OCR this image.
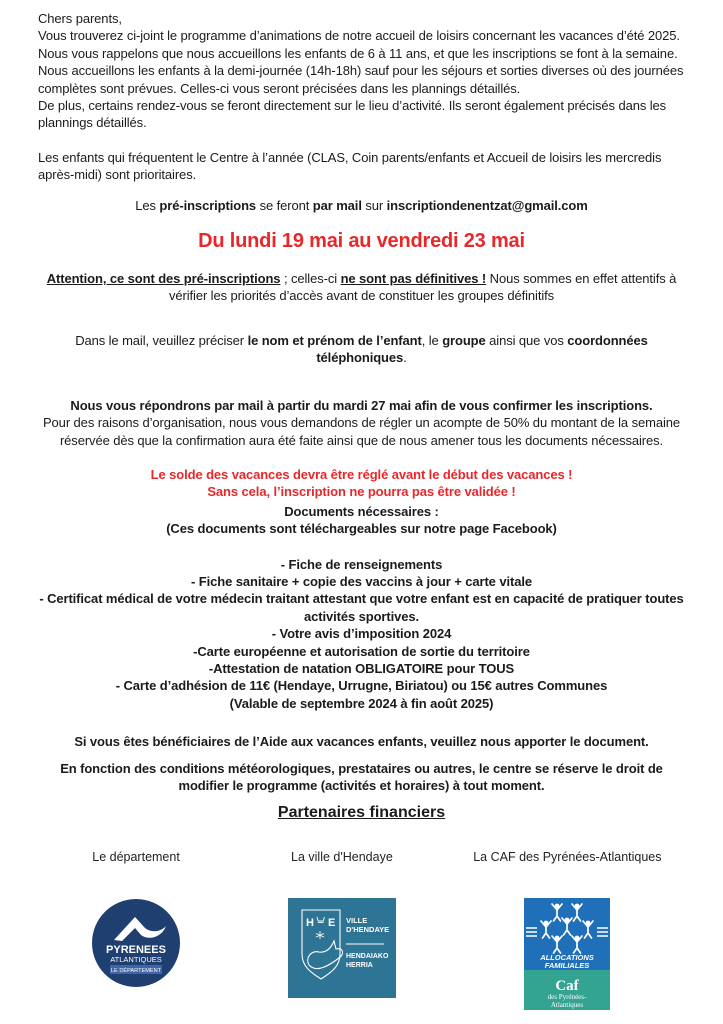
Chers parents,

Vous trouverez ci-joint le programme d’animations de notre accueil de loisirs concernant les vacances d’été 2025.

Nous vous rappelons que nous accueillons les enfants de 6 à 11 ans, et que les inscriptions se font à la semaine.

Nous accueillons les enfants à la demi-journée (14h-18h) sauf pour les séjours et sorties diverses où des journées complètes sont prévues. Celles-ci vous seront précisées dans les plannings détaillés.

De plus, certains rendez-vous se feront directement sur le lieu d’activité. Ils seront également précisés dans les plannings détaillés.

Les enfants qui fréquentent le Centre à l’année (CLAS, Coin parents/enfants et Accueil de loisirs les mercredis après-midi) sont prioritaires.

Les pré-inscriptions se feront par mail sur inscriptiondenentzat@gmail.com

Du lundi 19 mai au vendredi 23 mai

Attention, ce sont des pré-inscriptions ; celles-ci ne sont pas définitives ! Nous sommes en effet attentifs à vérifier les priorités d’accès avant de constituer les groupes définitifs

Dans le mail, veuillez préciser le nom et prénom de l’enfant, le groupe ainsi que vos coordonnées téléphoniques.

Nous vous répondrons par mail à partir du mardi 27 mai afin de vous confirmer les inscriptions.

Pour des raisons d’organisation, nous vous demandons de régler un acompte de 50% du montant de la semaine réservée dès que la confirmation aura été faite ainsi que de nous amener tous les documents nécessaires.

Le solde des vacances devra être réglé avant le début des vacances !

Sans cela, l’inscription ne pourra pas être validée !

Documents nécessaires :

(Ces documents sont téléchargeables sur notre page Facebook)

- Fiche de renseignements

- Fiche sanitaire + copie des vaccins à jour + carte vitale

- Certificat médical de votre médecin traitant attestant que votre enfant est en capacité de pratiquer toutes activités sportives.

- Votre avis d’imposition 2024

-Carte européenne et autorisation de sortie du territoire

-Attestation de natation OBLIGATOIRE pour TOUS

- Carte d’adhésion de 11€ (Hendaye, Urrugne, Biriatou) ou 15€ autres Communes

(Valable de septembre 2024 à fin août 2025)

Si vous êtes bénéficiaires de l’Aide aux vacances enfants, veuillez nous apporter le document.

En fonction des conditions météorologiques, prestataires ou autres, le centre se réserve le droit de modifier le programme (activités et horaires) à tout moment.

Partenaires financiers

Le département

PYRENEES
ATLANTIQUES
LE DÉPARTEMENT

La ville d'Hendaye

H E VILLE
D'HENDAYE
HENDAIAKO
HERRIA

La CAF des Pyrénées-Atlantiques

ALLOCATIONS
FAMILIALES
Caf
des Pyrénées-
Atlantiques
